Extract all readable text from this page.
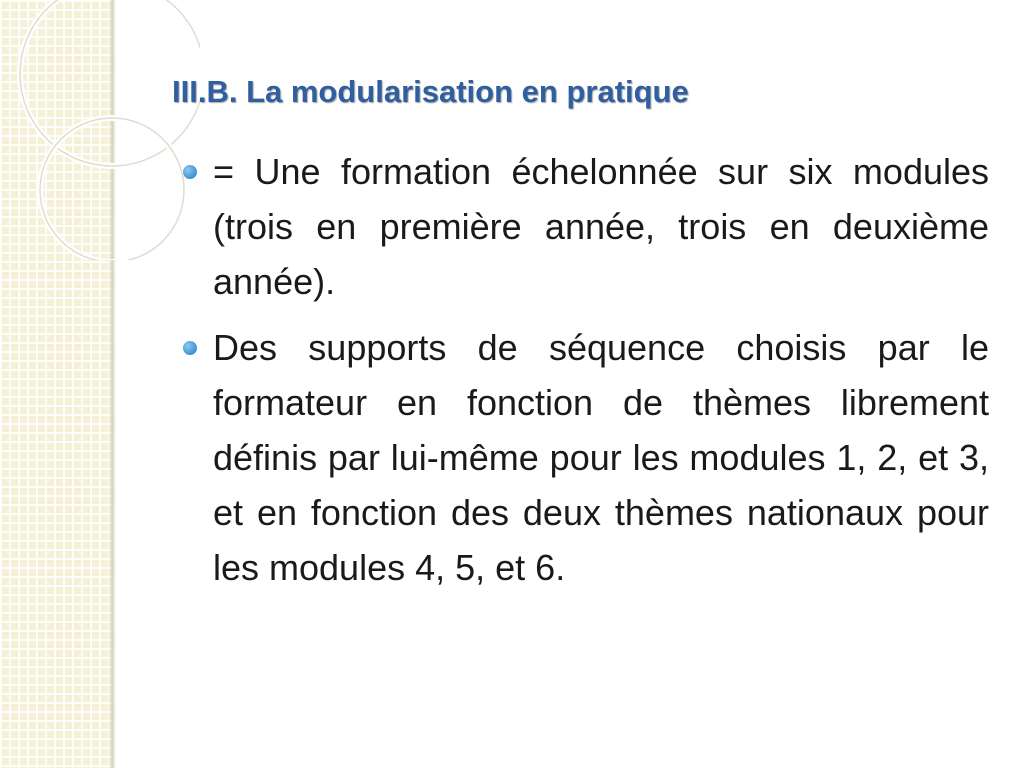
III.B. La modularisation en pratique
= Une formation échelonnée sur six modules (trois en première année, trois en deuxième année).
Des supports de séquence choisis par le formateur en fonction de thèmes librement définis par lui-même pour les modules 1, 2, et 3, et en fonction des deux thèmes nationaux pour les modules 4, 5, et 6.
